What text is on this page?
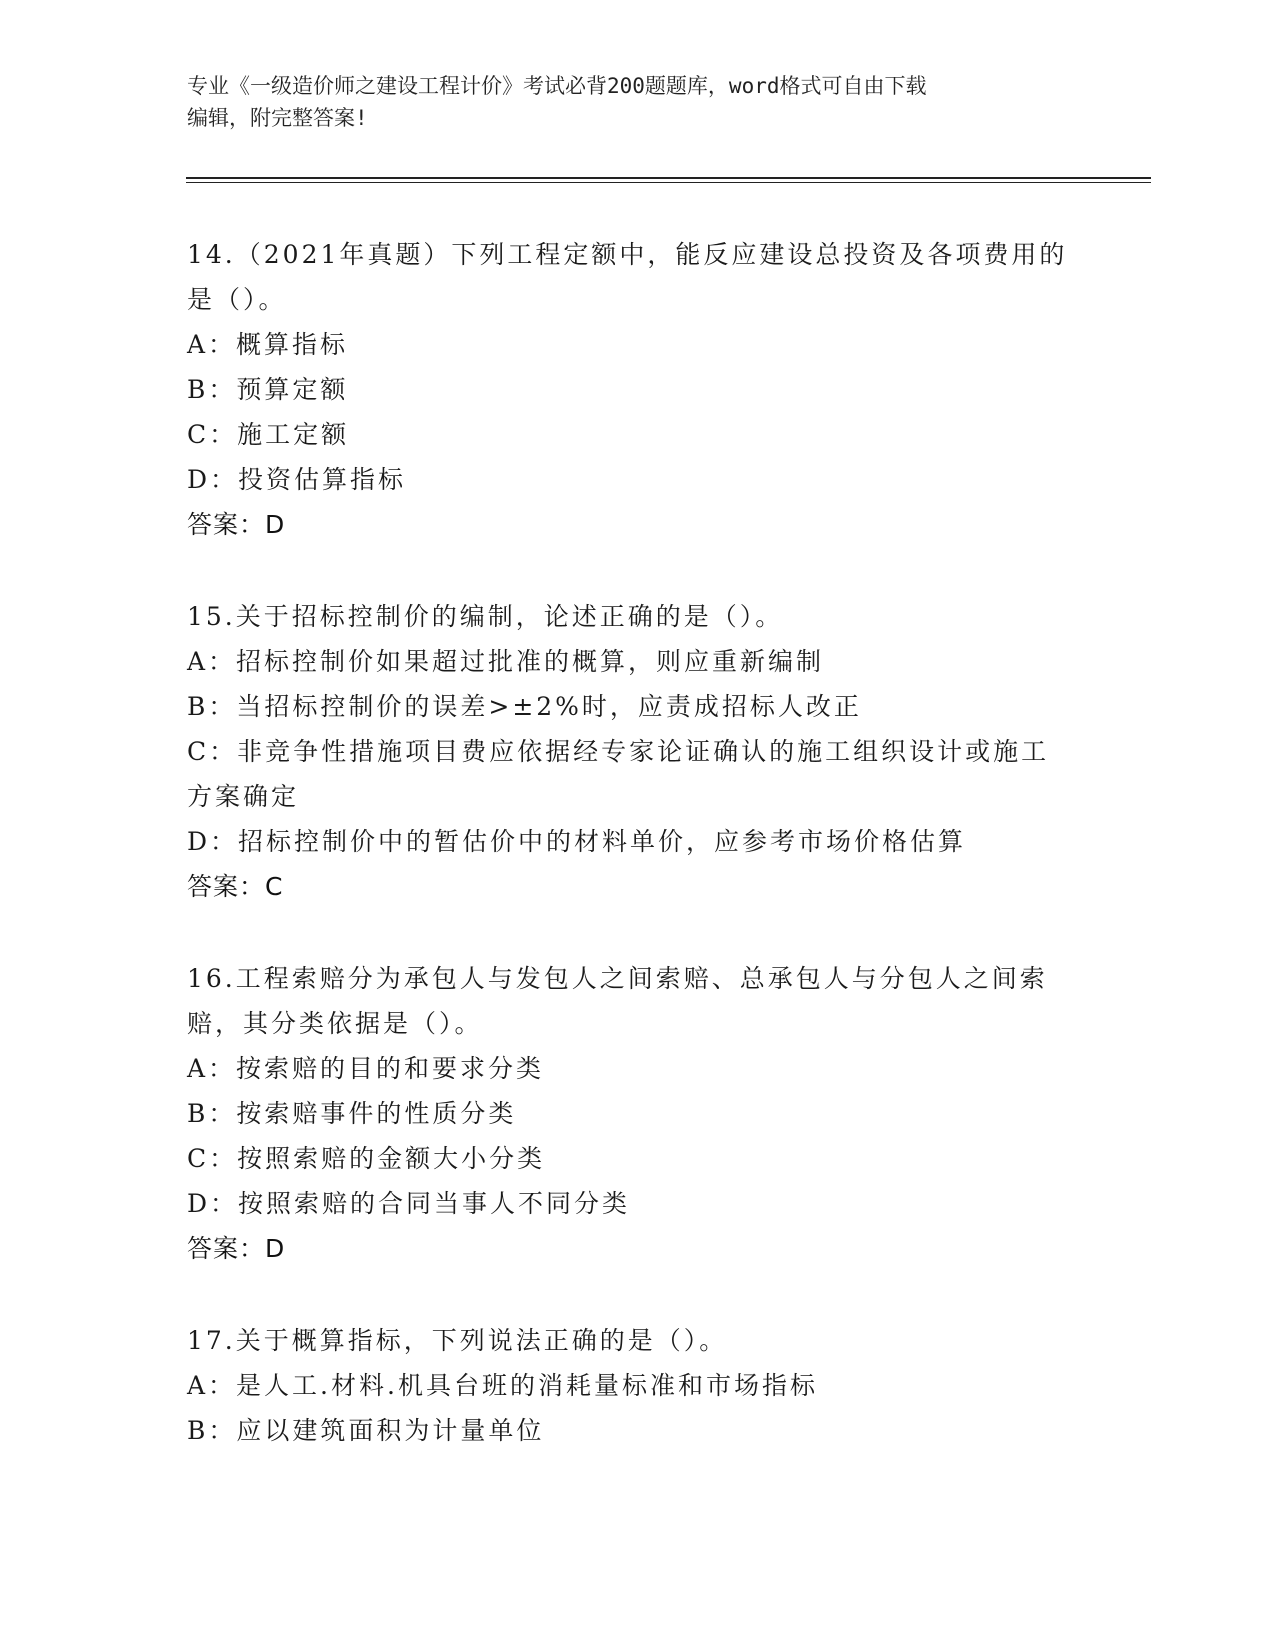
专业《一级造价师之建设工程计价》考试必背200题题库，word格式可自由下载
编辑，附完整答案!
14.（2021年真题）下列工程定额中，能反应建设总投资及各项费用的
是（）。
A：概算指标
B：预算定额
C：施工定额
D：投资估算指标
答案：D
15.关于招标控制价的编制，论述正确的是（）。
A：招标控制价如果超过批准的概算，则应重新编制
B：当招标控制价的误差>±2%时，应责成招标人改正
C：非竞争性措施项目费应依据经专家论证确认的施工组织设计或施工
方案确定
D：招标控制价中的暂估价中的材料单价，应参考市场价格估算
答案：C
16.工程索赔分为承包人与发包人之间索赔、总承包人与分包人之间索
赔，其分类依据是（）。
A：按索赔的目的和要求分类
B：按索赔事件的性质分类
C：按照索赔的金额大小分类
D：按照索赔的合同当事人不同分类
答案：D
17.关于概算指标，下列说法正确的是（）。
A：是人工.材料.机具台班的消耗量标准和市场指标
B：应以建筑面积为计量单位
